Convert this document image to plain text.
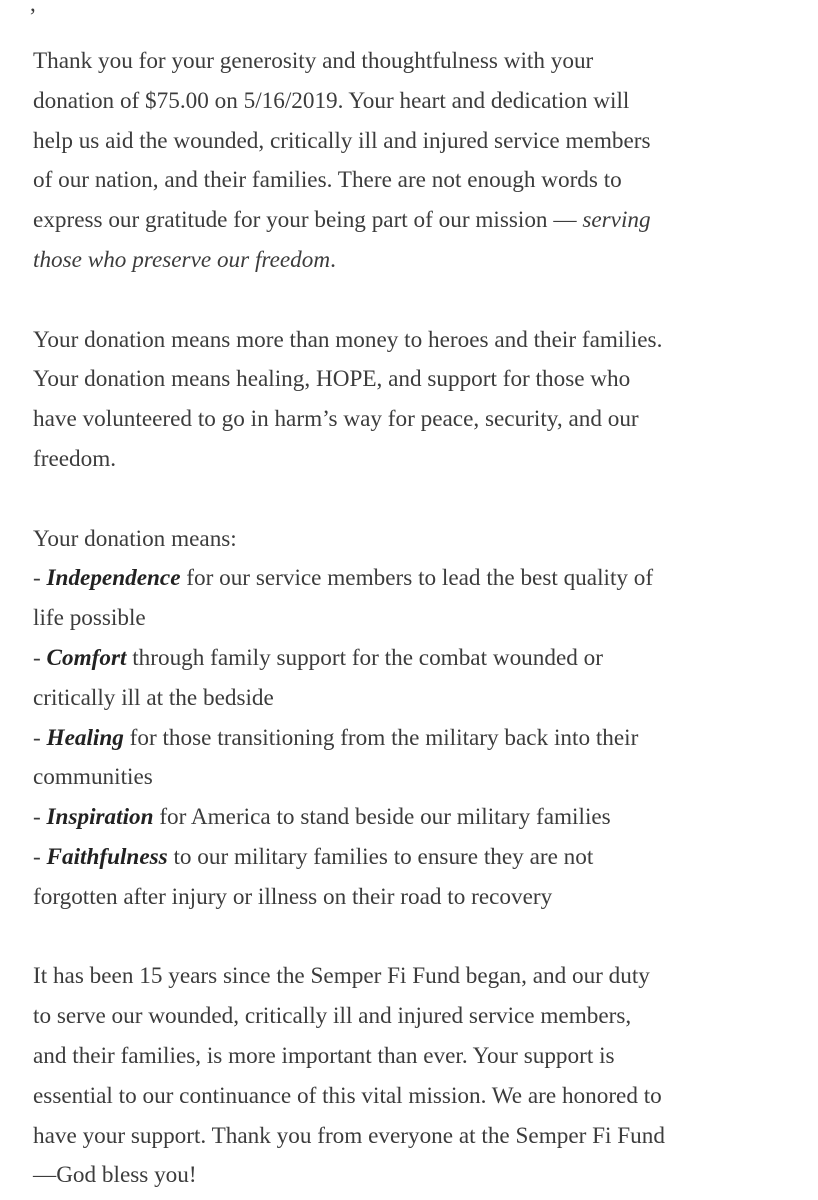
,

Thank you for your generosity and thoughtfulness with your
donation of $75.00 on 5/16/2019. Your heart and dedication will
help us aid the wounded, critically ill and injured service members
of our nation, and their families. There are not enough words to
express our gratitude for your being part of our mission — serving
those who preserve our freedom.

Your donation means more than money to heroes and their families.
Your donation means healing, HOPE, and support for those who
have volunteered to go in harm’s way for peace, security, and our
freedom.

Your donation means:
- Independence for our service members to lead the best quality of
life possible
- Comfort through family support for the combat wounded or
critically ill at the bedside
- Healing for those transitioning from the military back into their
communities
- Inspiration for America to stand beside our military families
- Faithfulness to our military families to ensure they are not
forgotten after injury or illness on their road to recovery

It has been 15 years since the Semper Fi Fund began, and our duty
to serve our wounded, critically ill and injured service members,
and their families, is more important than ever. Your support is
essential to our continuance of this vital mission. We are honored to
have your support. Thank you from everyone at the Semper Fi Fund
—God bless you!
